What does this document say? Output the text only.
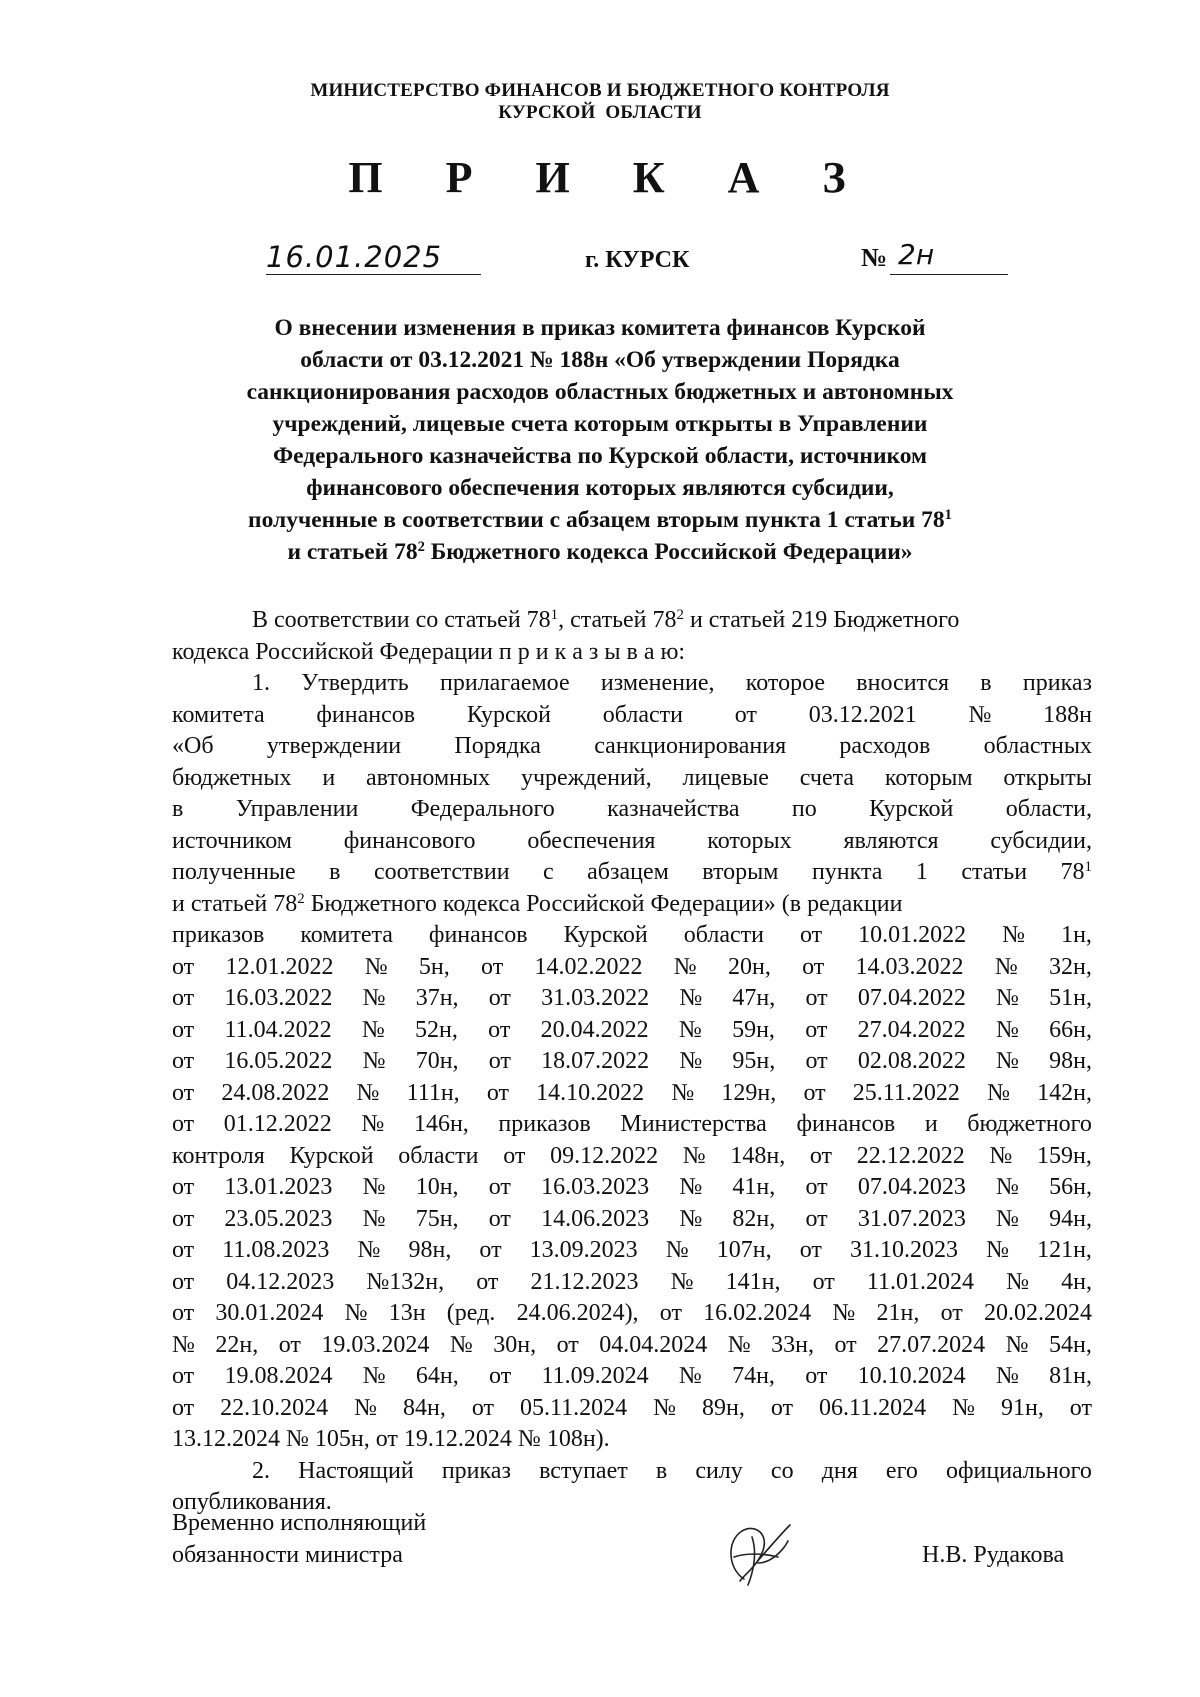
МИНИСТЕРСТВО ФИНАНСОВ И БЮДЖЕТНОГО КОНТРОЛЯ
КУРСКОЙ  ОБЛАСТИ
П Р И К А З
16.01.2025	г. КУРСК	№ 2н
О внесении изменения в приказ комитета финансов Курской
области от 03.12.2021 № 188н «Об утверждении Порядка
санкционирования расходов областных бюджетных и автономных
учреждений, лицевые счета которым открыты в Управлении
Федерального казначейства по Курской области, источником
финансового обеспечения которых являются субсидии,
полученные в соответствии с абзацем вторым пункта 1 статьи $78^1$
и статьей $78^2$ Бюджетного кодекса Российской Федерации»
В соответствии со статьей $78^1$, статьей $78^2$ и статьей 219 Бюджетного
кодекса Российской Федерации п р и к а з ы в а ю:
1. Утвердить прилагаемое изменение, которое вносится в приказ
комитета финансов Курской области от 03.12.2021 № 188н
«Об утверждении Порядка санкционирования расходов областных
бюджетных и автономных учреждений, лицевые счета которым открыты
в Управлении Федерального казначейства по Курской области,
источником финансового обеспечения которых являются субсидии,
полученные в соответствии с абзацем вторым пункта 1 статьи $78^1$
и статьей $78^2$ Бюджетного кодекса Российской Федерации» (в редакции
приказов комитета финансов Курской области от 10.01.2022 № 1н,
от 12.01.2022 № 5н, от 14.02.2022 № 20н, от 14.03.2022 № 32н,
от 16.03.2022 № 37н, от 31.03.2022 № 47н, от 07.04.2022 № 51н,
от 11.04.2022 № 52н, от 20.04.2022 № 59н, от 27.04.2022 № 66н,
от 16.05.2022 № 70н, от 18.07.2022 № 95н, от 02.08.2022 № 98н,
от 24.08.2022 № 111н, от 14.10.2022 № 129н, от 25.11.2022 № 142н,
от 01.12.2022 № 146н, приказов Министерства финансов и бюджетного
контроля Курской области от 09.12.2022 № 148н, от 22.12.2022 № 159н,
от 13.01.2023 № 10н, от 16.03.2023 № 41н, от 07.04.2023 № 56н,
от 23.05.2023 № 75н, от 14.06.2023 № 82н, от 31.07.2023 № 94н,
от 11.08.2023 № 98н, от 13.09.2023 № 107н, от 31.10.2023 № 121н,
от 04.12.2023 №132н, от 21.12.2023 № 141н, от 11.01.2024 № 4н,
от 30.01.2024 № 13н (ред. 24.06.2024), от 16.02.2024 № 21н, от 20.02.2024
№ 22н, от 19.03.2024 № 30н, от 04.04.2024 № 33н, от 27.07.2024 № 54н,
от 19.08.2024 № 64н, от 11.09.2024 № 74н, от 10.10.2024 № 81н,
от 22.10.2024 № 84н, от 05.11.2024 № 89н, от 06.11.2024 № 91н, от
13.12.2024 № 105н, от 19.12.2024 № 108н).
2. Настоящий приказ вступает в силу со дня его официального
опубликования.
Временно исполняющий
обязанности министра	Н.В. Рудакова
